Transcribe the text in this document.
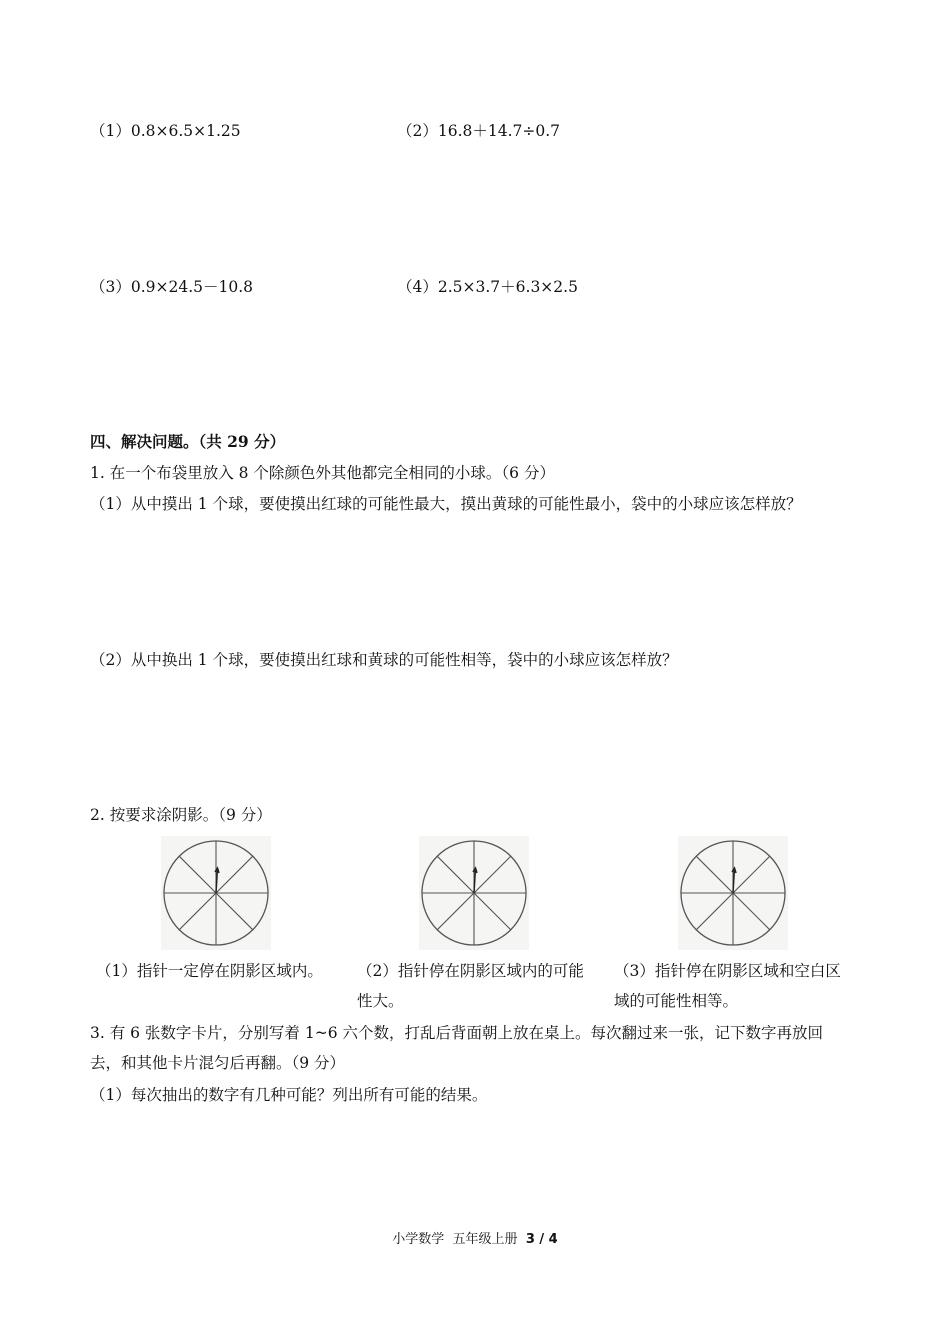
（1）0.8×6.5×1.25	（2）16.8＋14.7÷0.7
（3）0.9×24.5－10.8	（4）2.5×3.7＋6.3×2.5
四、解决问题。（共 29 分）
1. 在一个布袋里放入 8 个除颜色外其他都完全相同的小球。（6 分）
（1）从中摸出 1 个球，要使摸出红球的可能性最大，摸出黄球的可能性最小，袋中的小球应该怎样放？
（2）从中换出 1 个球，要使摸出红球和黄球的可能性相等，袋中的小球应该怎样放？
2. 按要求涂阴影。（9 分）
（1）指针一定停在阴影区域内。 （2）指针停在阴影区域内的可能
性大。
（3）指针停在阴影区域和空白区
域的可能性相等。
3. 有 6 张数字卡片，分别写着 1~6 六个数，打乱后背面朝上放在桌上。每次翻过来一张，记下数字再放回
去，和其他卡片混匀后再翻。（9 分）
（1）每次抽出的数字有几种可能？列出所有可能的结果。
小学数学 五年级上册 3 / 4
